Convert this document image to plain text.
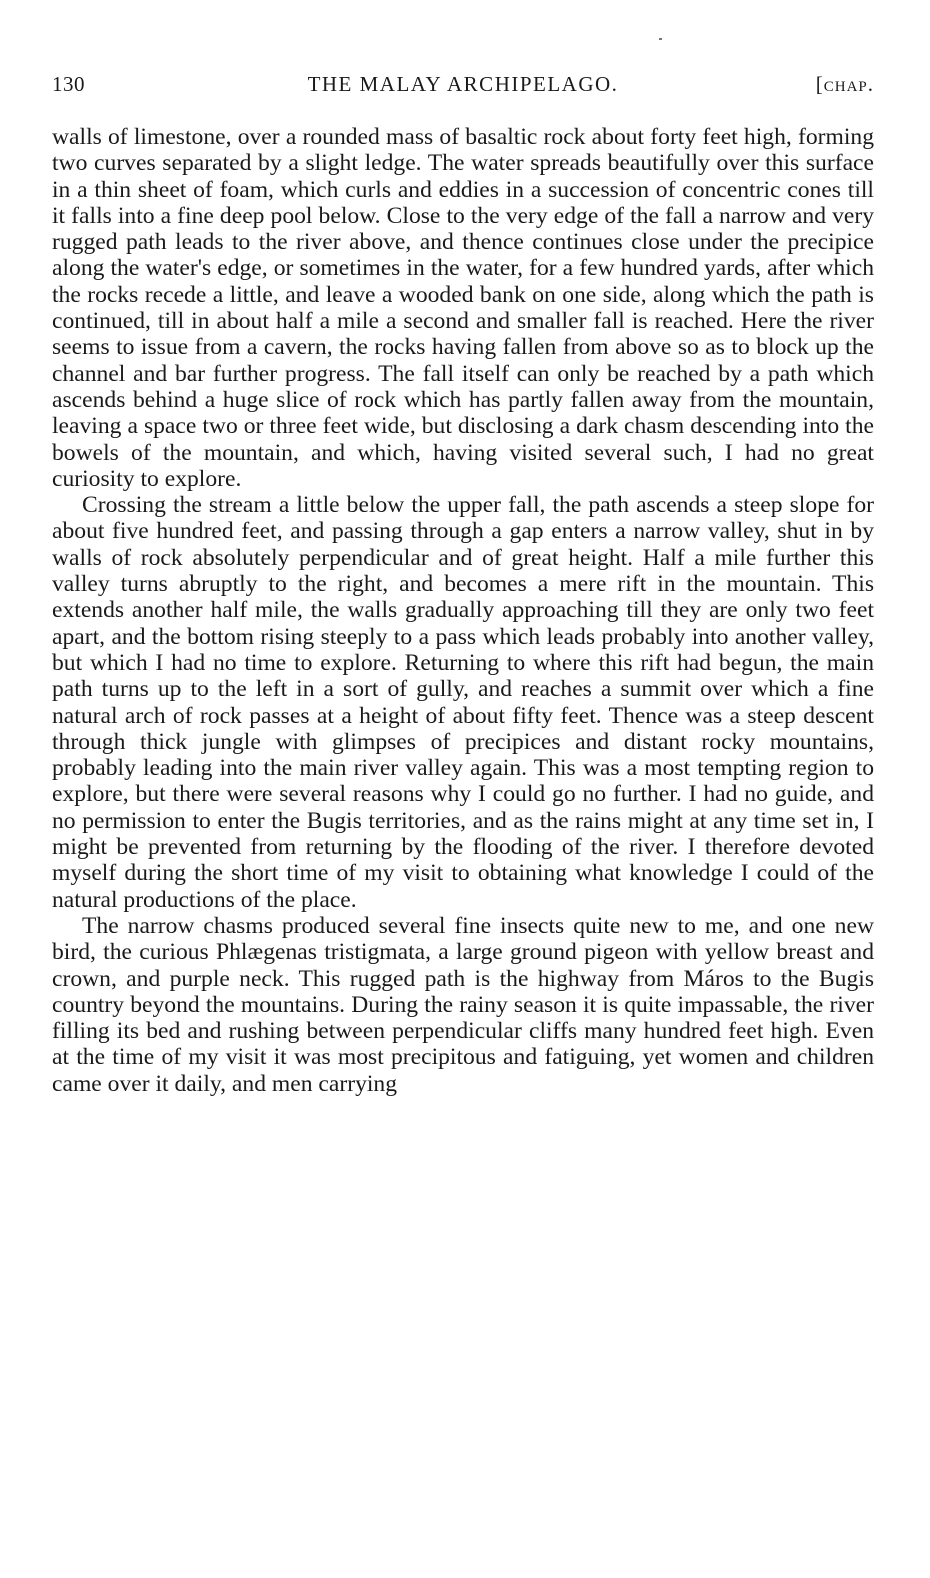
130	THE MALAY ARCHIPELAGO.	[chap.

walls of limestone, over a rounded mass of basaltic rock about forty feet high, forming two curves separated by a slight ledge. The water spreads beautifully over this surface in a thin sheet of foam, which curls and eddies in a succession of concentric cones till it falls into a fine deep pool below. Close to the very edge of the fall a narrow and very rugged path leads to the river above, and thence continues close under the precipice along the water's edge, or sometimes in the water, for a few hundred yards, after which the rocks recede a little, and leave a wooded bank on one side, along which the path is continued, till in about half a mile a second and smaller fall is reached. Here the river seems to issue from a cavern, the rocks having fallen from above so as to block up the channel and bar further progress. The fall itself can only be reached by a path which ascends behind a huge slice of rock which has partly fallen away from the mountain, leaving a space two or three feet wide, but disclosing a dark chasm descending into the bowels of the mountain, and which, having visited several such, I had no great curiosity to explore.

Crossing the stream a little below the upper fall, the path ascends a steep slope for about five hundred feet, and passing through a gap enters a narrow valley, shut in by walls of rock absolutely perpendicular and of great height. Half a mile further this valley turns abruptly to the right, and becomes a mere rift in the mountain. This extends another half mile, the walls gradually approaching till they are only two feet apart, and the bottom rising steeply to a pass which leads probably into another valley, but which I had no time to explore. Returning to where this rift had begun, the main path turns up to the left in a sort of gully, and reaches a summit over which a fine natural arch of rock passes at a height of about fifty feet. Thence was a steep descent through thick jungle with glimpses of precipices and distant rocky mountains, probably leading into the main river valley again. This was a most tempting region to explore, but there were several reasons why I could go no further. I had no guide, and no permission to enter the Bugis territories, and as the rains might at any time set in, I might be prevented from returning by the flooding of the river. I therefore devoted myself during the short time of my visit to obtaining what knowledge I could of the natural productions of the place.

The narrow chasms produced several fine insects quite new to me, and one new bird, the curious Phlægenas tristigmata, a large ground pigeon with yellow breast and crown, and purple neck. This rugged path is the highway from Máros to the Bugis country beyond the mountains. During the rainy season it is quite impassable, the river filling its bed and rushing between perpendicular cliffs many hundred feet high. Even at the time of my visit it was most precipitous and fatiguing, yet women and children came over it daily, and men carrying
